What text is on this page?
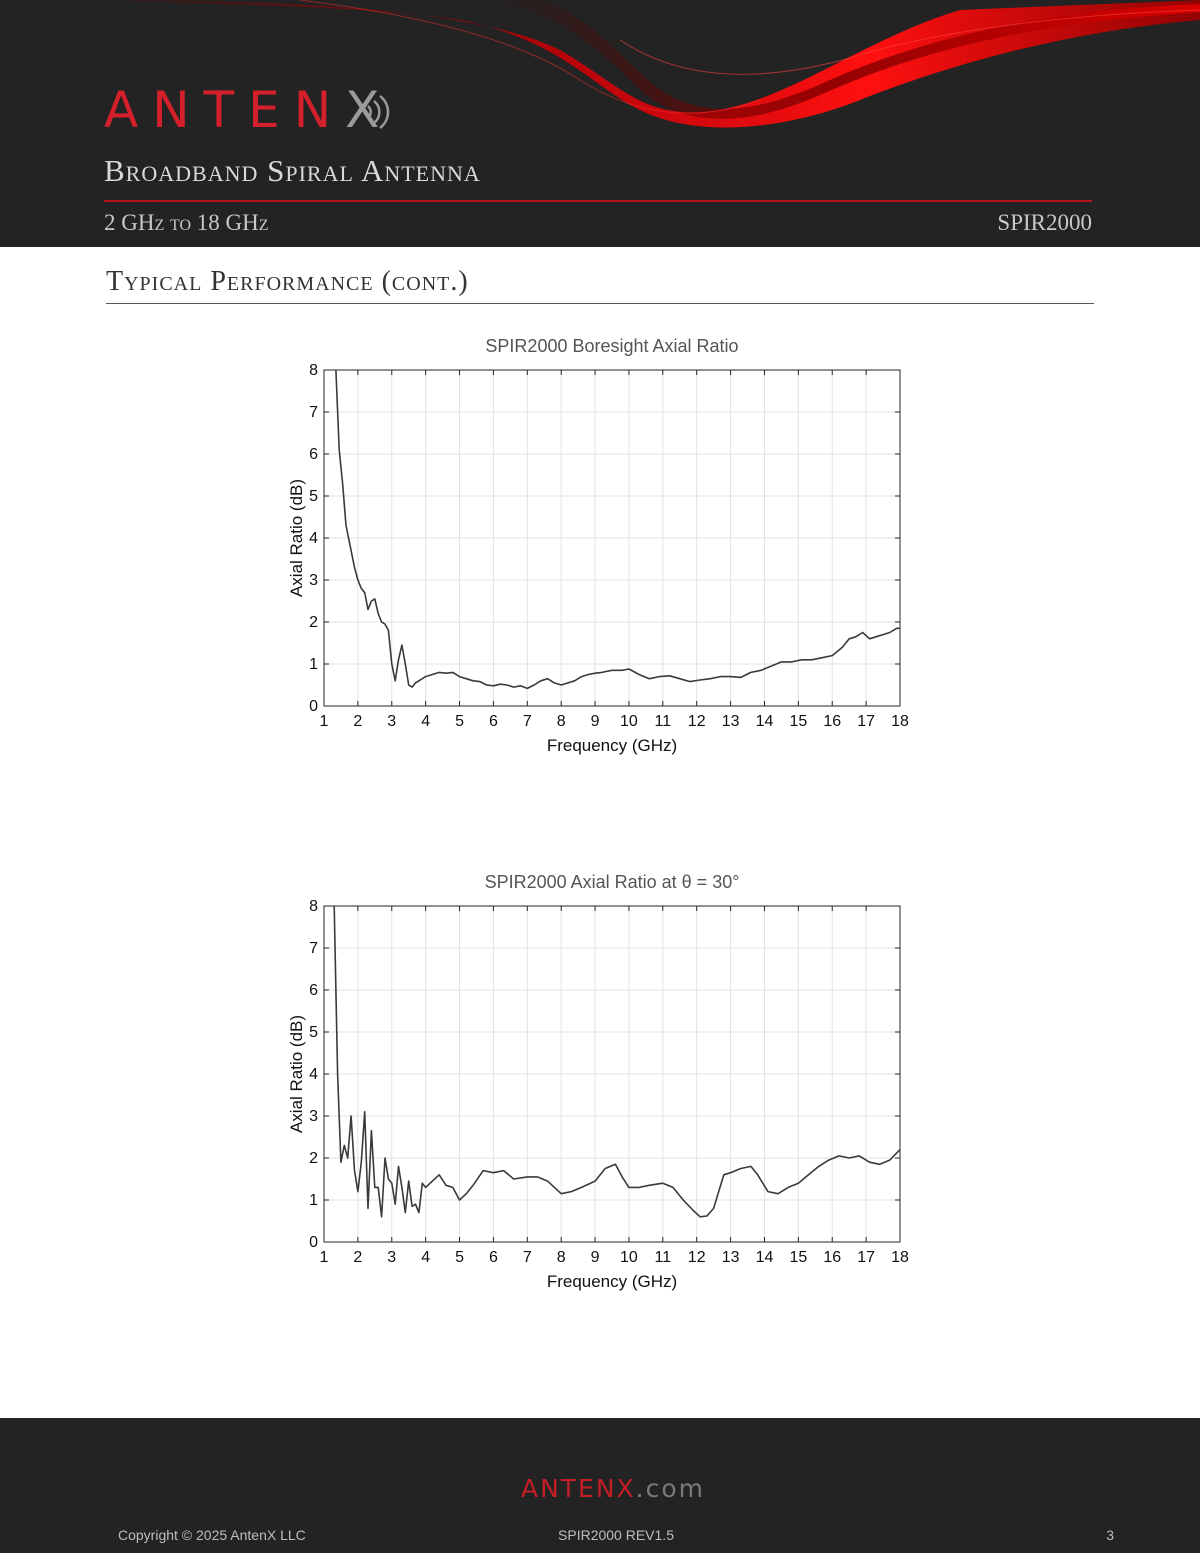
ANTENX
Broadband Spiral Antenna
2 GHz to 18 GHz	SPIR2000
Typical Performance (cont.)
SPIR2000 Boresight Axial Ratio
1 2 3 4 5 6 7 8 9 10 11 12 13 14 15 16 17 18
0
1
2
3
4
5
6
7
8
Frequency (GHz)
Axial Ratio (dB)
SPIR2000 Axial Ratio at θ = 30°
1 2 3 4 5 6 7 8 9 10 11 12 13 14 15 16 17 18
0
1
2
3
4
5
6
7
8
Frequency (GHz)
Axial Ratio (dB)
ANTENX.com
Copyright © 2025 AntenX LLC	SPIR2000 REV1.5	3
